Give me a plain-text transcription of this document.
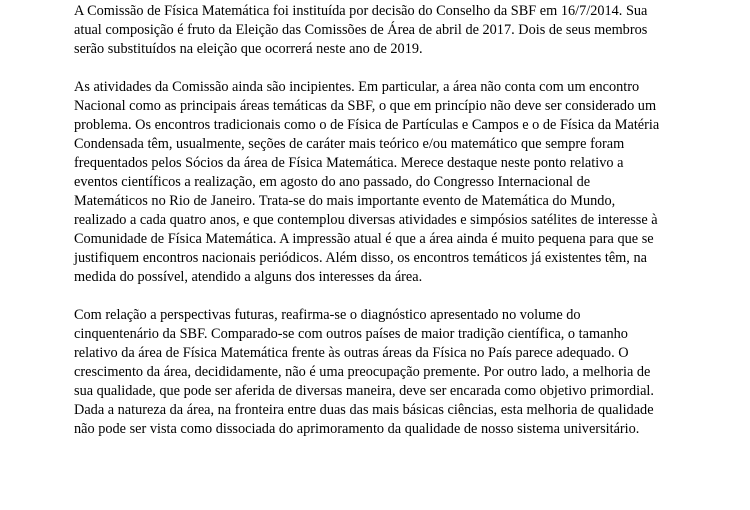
A Comissão de Física Matemática foi instituída por decisão do Conselho da SBF em 16/7/2014. Sua
atual composição é fruto da Eleição das Comissões de Área de abril de 2017. Dois de seus membros
serão substituídos na eleição que ocorrerá neste ano de 2019.

As atividades da Comissão ainda são incipientes. Em particular, a área não conta com um encontro
Nacional como as principais áreas temáticas da SBF, o que em princípio não deve ser considerado um
problema. Os encontros tradicionais como o de Física de Partículas e Campos e o de Física da Matéria
Condensada têm, usualmente, seções de caráter mais teórico e/ou matemático que sempre foram
frequentados pelos Sócios da área de Física Matemática. Merece destaque neste ponto relativo a
eventos científicos a realização, em agosto do ano passado, do Congresso Internacional de
Matemáticos no Rio de Janeiro. Trata-se do mais importante evento de Matemática do Mundo,
realizado a cada quatro anos, e que contemplou diversas atividades e simpósios satélites de interesse à
Comunidade de Física Matemática. A impressão atual é que a área ainda é muito pequena para que se
justifiquem encontros nacionais periódicos. Além disso, os encontros temáticos já existentes têm, na
medida do possível, atendido a alguns dos interesses da área.

Com relação a perspectivas futuras, reafirma-se o diagnóstico apresentado no volume do
cinquentenário da SBF. Comparado-se com outros países de maior tradição científica, o tamanho
relativo da área de Física Matemática frente às outras áreas da Física no País parece adequado. O
crescimento da área, decididamente, não é uma preocupação premente. Por outro lado, a melhoria de
sua qualidade, que pode ser aferida de diversas maneira, deve ser encarada como objetivo primordial.
Dada a natureza da área, na fronteira entre duas das mais básicas ciências, esta melhoria de qualidade
não pode ser vista como dissociada do aprimoramento da qualidade de nosso sistema universitário.
